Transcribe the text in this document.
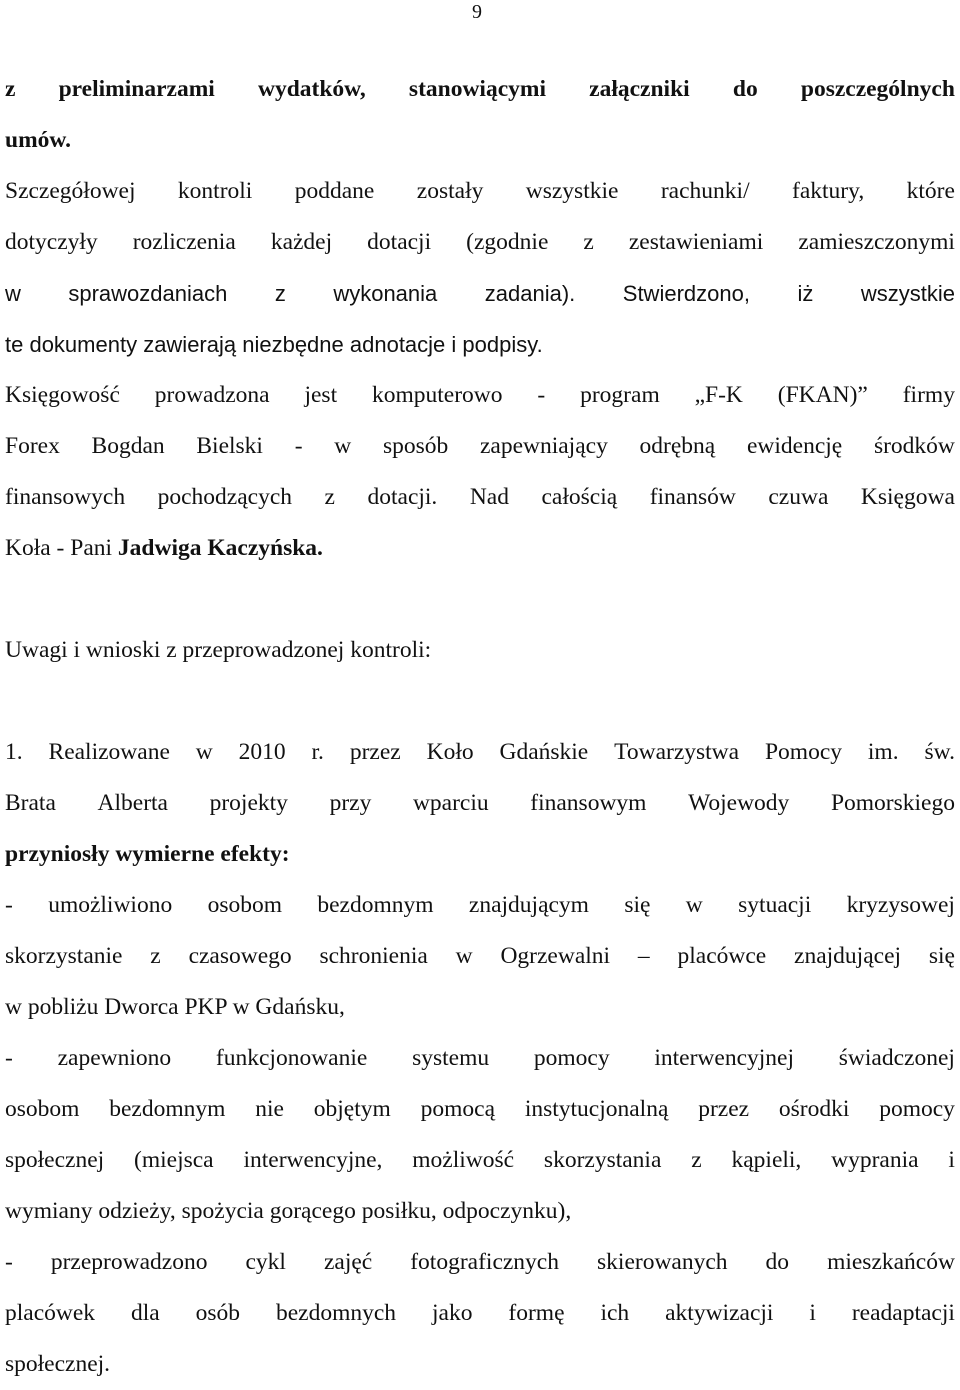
9
z preliminarzami wydatków, stanowiącymi załączniki do poszczególnych
umów.
Szczegółowej kontroli poddane zostały wszystkie rachunki/ faktury, które
dotyczyły rozliczenia każdej dotacji (zgodnie z zestawieniami zamieszczonymi
w sprawozdaniach z wykonania zadania). Stwierdzono, iż wszystkie
te dokumenty zawierają niezbędne adnotacje i podpisy.
Księgowość prowadzona jest komputerowo - program „F-K (FKAN)” firmy
Forex Bogdan Bielski - w sposób zapewniający odrębną ewidencję środków
finansowych pochodzących z dotacji. Nad całością finansów czuwa Księgowa
Koła - Pani Jadwiga Kaczyńska.
Uwagi i wnioski z przeprowadzonej kontroli:
1. Realizowane w 2010 r. przez Koło Gdańskie Towarzystwa Pomocy im. św.
Brata Alberta projekty przy wparciu finansowym Wojewody Pomorskiego
przyniosły wymierne efekty:
- umożliwiono osobom bezdomnym znajdującym się w sytuacji kryzysowej
skorzystanie z czasowego schronienia w Ogrzewalni – placówce znajdującej się
w pobliżu Dworca PKP w Gdańsku,
- zapewniono funkcjonowanie systemu pomocy interwencyjnej świadczonej
osobom bezdomnym nie objętym pomocą instytucjonalną przez ośrodki pomocy
społecznej (miejsca interwencyjne, możliwość skorzystania z kąpieli, wyprania i
wymiany odzieży, spożycia gorącego posiłku, odpoczynku),
- przeprowadzono cykl zajęć fotograficznych skierowanych do mieszkańców
placówek dla osób bezdomnych jako formę ich aktywizacji i readaptacji
społecznej.
